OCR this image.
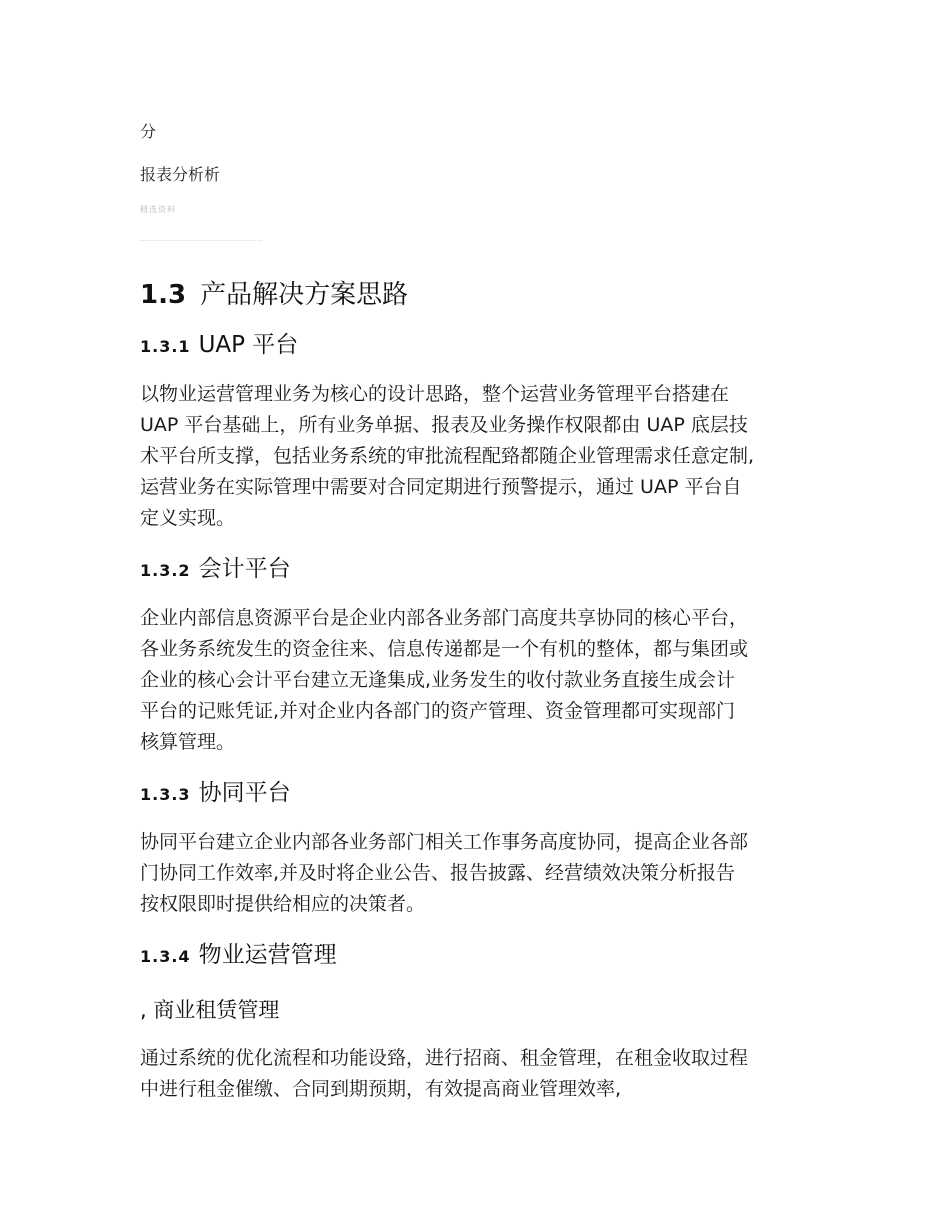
分
报表分析析
精选资料
1.3 产品解决方案思路
1.3.1 UAP 平台
以物业运营管理业务为核心的设计思路，整个运营业务管理平台搭建在
UAP 平台基础上，所有业务单据、报表及业务操作权限都由 UAP 底层技
术平台所支撑，包括业务系统的审批流程配臵都随企业管理需求任意定制,
运营业务在实际管理中需要对合同定期进行预警提示，通过 UAP 平台自
定义实现。
1.3.2 会计平台
企业内部信息资源平台是企业内部各业务部门高度共享协同的核心平台，
各业务系统发生的资金往来、信息传递都是一个有机的整体，都与集团或
企业的核心会计平台建立无逢集成,业务发生的收付款业务直接生成会计
平台的记账凭证,并对企业内各部门的资产管理、资金管理都可实现部门
核算管理。
1.3.3 协同平台
协同平台建立企业内部各业务部门相关工作事务高度协同，提高企业各部
门协同工作效率,并及时将企业公告、报告披露、经营绩效决策分析报告
按权限即时提供给相应的决策者。
1.3.4 物业运营管理
, 商业租赁管理
通过系统的优化流程和功能设臵，进行招商、租金管理，在租金收取过程
中进行租金催缴、合同到期预期，有效提高商业管理效率,
